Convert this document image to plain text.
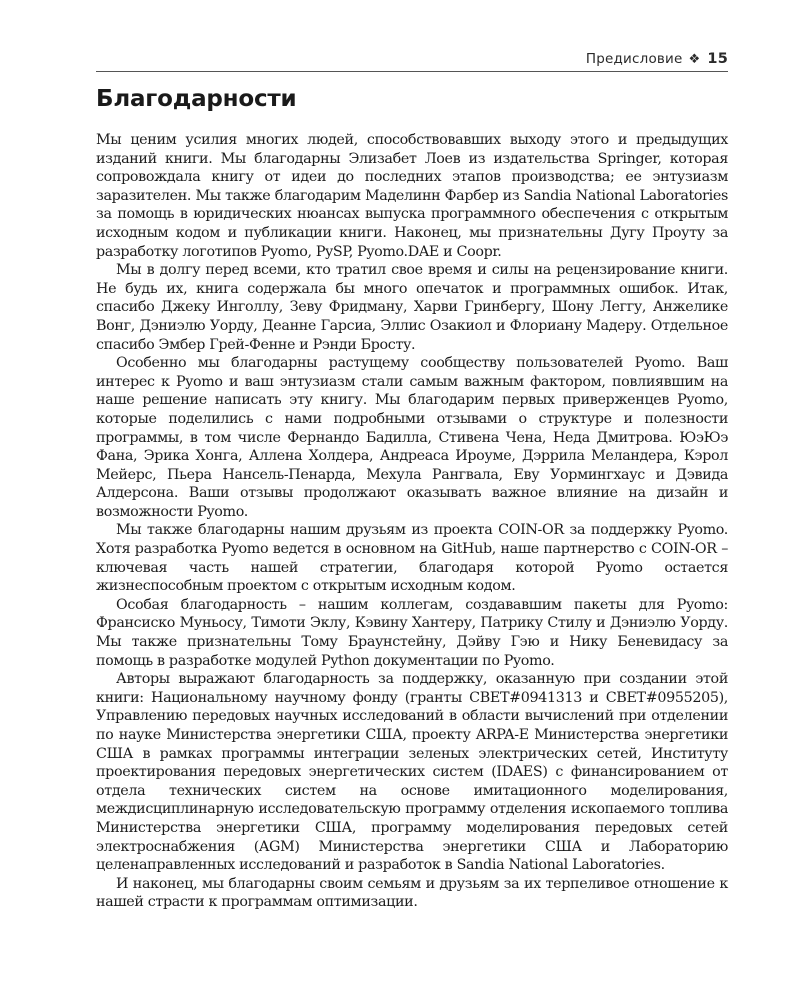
Предисловие ❖ 15
Благодарности

Мы ценим усилия многих людей, способствовавших выходу этого и предыдущих изданий книги. Мы благодарны Элизабет Лоев из издательства Springer, которая сопровождала книгу от идеи до последних этапов производства; ее энтузиазм заразителен. Мы также благодарим Маделинн Фарбер из Sandia National Laboratories за помощь в юридических нюансах выпуска программного обеспечения с открытым исходным кодом и публикации книги. Наконец, мы признательны Дугу Проуту за разработку логотипов Pyomo, PySP, Pyomo.DAE и Coopr.

Мы в долгу перед всеми, кто тратил свое время и силы на рецензирование книги. Не будь их, книга содержала бы много опечаток и программных ошибок. Итак, спасибо Джеку Инголлу, Зеву Фридману, Харви Гринбергу, Шону Леггу, Анжелике Вонг, Дэниэлю Уорду, Деанне Гарсиа, Эллис Озакиол и Флориану Мадеру. Отдельное спасибо Эмбер Грей-Фенне и Рэнди Бросту.

Особенно мы благодарны растущему сообществу пользователей Pyomo. Ваш интерес к Pyomo и ваш энтузиазм стали самым важным фактором, повлиявшим на наше решение написать эту книгу. Мы благодарим первых приверженцев Pyomo, которые поделились с нами подробными отзывами о структуре и полезности программы, в том числе Фернандо Бадилла, Стивена Чена, Неда Дмитрова. ЮэЮэ Фана, Эрика Хонга, Аллена Холдера, Андреаса Ироуме, Дэррила Меландера, Кэрол Мейерс, Пьера Нансель-Пенарда, Мехула Рангвала, Еву Уормингхаус и Дэвида Алдерсона. Ваши отзывы продолжают оказывать важное влияние на дизайн и возможности Pyomo.

Мы также благодарны нашим друзьям из проекта COIN-OR за поддержку Pyomo. Хотя разработка Pyomo ведется в основном на GitHub, наше партнерство с COIN-OR – ключевая часть нашей стратегии, благодаря которой Pyomo остается жизнеспособным проектом с открытым исходным кодом.

Особая благодарность – нашим коллегам, создававшим пакеты для Pyomo: Франсиско Муньосу, Тимоти Эклу, Кэвину Хантеру, Патрику Стилу и Дэниэлю Уорду. Мы также признательны Тому Браунстейну, Дэйву Гэю и Нику Беневидасу за помощь в разработке модулей Python документации по Pyomo.

Авторы выражают благодарность за поддержку, оказанную при создании этой книги: Национальному научному фонду (гранты CBET#0941313 и CBET#0955205), Управлению передовых научных исследований в области вычислений при отделении по науке Министерства энергетики США, проекту ARPA-E Министерства энергетики США в рамках программы интеграции зеленых электрических сетей, Институту проектирования передовых энергетических систем (IDAES) с финансированием от отдела технических систем на основе имитационного моделирования, междисциплинарную исследовательскую программу отделения ископаемого топлива Министерства энергетики США, программу моделирования передовых сетей электроснабжения (AGM) Министерства энергетики США и Лабораторию целенаправленных исследований и разработок в Sandia National Laboratories.

И наконец, мы благодарны своим семьям и друзьям за их терпеливое отношение к нашей страсти к программам оптимизации.
